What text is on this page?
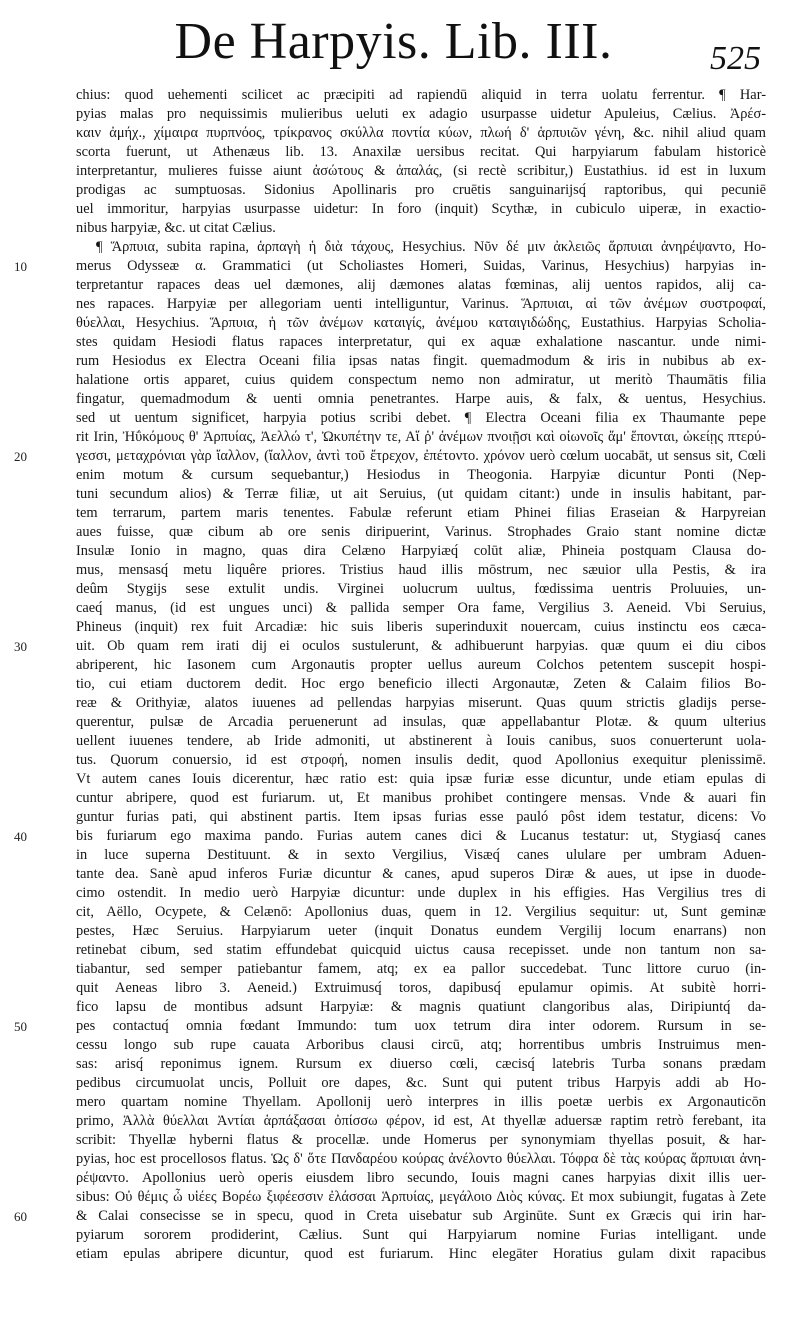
De Harpyis. Lib. III.	525
chius: quod uehementi scilicet ac præcipiti ad rapiendū aliquid in terra uolatu ferrentur. ¶ Har-
pyias malas pro nequissimis mulieribus ueluti ex adagio usurpasse uidetur Apuleius, Cælius. Ἀρέσ-
καιν ἀμήχ., χίμαιρα πυρπνόος, τρίκρανος σκύλλα ποντία κύων, πλωή δ' ἁρπυιῶν γένη, &c. nihil aliud quam
scorta fuerunt, ut Athenæus lib. 13. Anaxilæ uersibus recitat. Qui harpyiarum fabulam historicè
interpretantur, mulieres fuisse aiunt ἀσώτους & ἀπαλάς, (si rectè scribitur,) Eustathius. id est in luxum
prodigas ac sumptuosas. Sidonius Apollinaris pro cruētis sanguinarijsq́ raptoribus, qui pecuniē
uel immoritur, harpyias usurpasse uidetur: In foro (inquit) Scythæ, in cubiculo uiperæ, in exactio-
nibus harpyiæ, &c. ut citat Cælius.
¶ Ἅρπυια, subita rapina, ἁρπαγὴ ἡ διὰ τάχους, Hesychius. Νῦν δέ μιν ἀκλειῶς ἅρπυιαι ἀνηρέψαντο, Ho-
merus Odysseæ α. Grammatici (ut Scholiastes Homeri, Suidas, Varinus, Hesychius) harpyias in-
terpretantur rapaces deas uel dæmones, alij dæmones alatas fœminas, alij uentos rapidos, alij ca-
nes rapaces. Harpyiæ per allegoriam uenti intelliguntur, Varinus. Ἅρπυιαι, αἱ τῶν ἀνέμων συστροφαί,
θύελλαι, Hesychius. Ἅρπυια, ἡ τῶν ἀνέμων καταιγίς, ἀνέμου καταιγιδώδης, Eustathius. Harpyias Scholia-
stes quidam Hesiodi flatus rapaces interpretatur, qui ex aquæ exhalatione nascantur. unde nimi-
rum Hesiodus ex Electra Oceani filia ipsas natas fingit. quemadmodum & iris in nubibus ab ex-
halatione ortis apparet, cuius quidem conspectum nemo non admiratur, ut meritò Thaumātis filia
fingatur, quemadmodum & uenti omnia penetrantes. Harpe auis, & falx, & uentus, Hesychius.
sed ut uentum significet, harpyia potius scribi debet. ¶ Electra Oceani filia ex Thaumante pepe
rit Irin, Ἠΰκόμους θ' Ἁρπυίας, Ἀελλώ τ', Ὠκυπέτην τε, Αἵ ῥ' ἀνέμων πνοιῇσι καὶ οἰωνοῖς ἅμ' ἕπονται, ὠκείῃς πτερύ-
γεσσι, μεταχρόνιαι γὰρ ἴαλλον, (ἴαλλον, ἀντὶ τοῦ ἔτρεχον, ἐπέτοντο. χρόνον uerò cœlum uocabāt, ut sensus sit, Cœli
enim motum & cursum sequebantur,) Hesiodus in Theogonia. Harpyiæ dicuntur Ponti (Nep-
tuni secundum alios) & Terræ filiæ, ut ait Seruius, (ut quidam citant:) unde in insulis habitant, par-
tem terrarum, partem maris tenentes. Fabulæ referunt etiam Phinei filias Eraseian & Harpyreian
aues fuisse, quæ cibum ab ore senis diripuerint, Varinus. Strophades Graio stant nomine dictæ
Insulæ Ionio in magno, quas dira Celæno Harpyiæq́ colūt aliæ, Phineia postquam Clausa do-
mus, mensasq́ metu liquêre priores. Tristius haud illis mōstrum, nec sæuior ulla Pestis, & ira
deûm Stygijs sese extulit undis. Virginei uolucrum uultus, fœdissima uentris Proluuies, un-
caeq́ manus, (id est ungues unci) & pallida semper Ora fame, Vergilius 3. Aeneid. Vbi Seruius,
Phineus (inquit) rex fuit Arcadiæ: hic suis liberis superinduxit nouercam, cuius instinctu eos cæca-
uit. Ob quam rem irati dij ei oculos sustulerunt, & adhibuerunt harpyias. quæ quum ei diu cibos
abriperent, hic Iasonem cum Argonautis propter uellus aureum Colchos petentem suscepit hospi-
tio, cui etiam ductorem dedit. Hoc ergo beneficio illecti Argonautæ, Zeten & Calaim filios Bo-
reæ & Orithyiæ, alatos iuuenes ad pellendas harpyias miserunt. Quas quum strictis gladijs perse-
querentur, pulsæ de Arcadia peruenerunt ad insulas, quæ appellabantur Plotæ. & quum ulterius
uellent iuuenes tendere, ab Iride admoniti, ut abstinerent à Iouis canibus, suos conuerterunt uola-
tus. Quorum conuersio, id est στροφή, nomen insulis dedit, quod Apollonius exequitur plenissimē.
Vt autem canes Iouis dicerentur, hæc ratio est: quia ipsæ furiæ esse dicuntur, unde etiam epulas di
cuntur abripere, quod est furiarum. ut, Et manibus prohibet contingere mensas. Vnde & auari fin
guntur furias pati, qui abstinent partis. Item ipsas furias esse pauló pôst idem testatur, dicens: Vo
bis furiarum ego maxima pando. Furias autem canes dici & Lucanus testatur: ut, Stygiasq́ canes
in luce superna Destituunt. & in sexto Vergilius, Visæq́ canes ululare per umbram Aduen-
tante dea. Sanè apud inferos Furiæ dicuntur & canes, apud superos Diræ & aues, ut ipse in duode-
cimo ostendit. In medio uerò Harpyiæ dicuntur: unde duplex in his effigies. Has Vergilius tres di
cit, Aëllo, Ocypete, & Celænō: Apollonius duas, quem in 12. Vergilius sequitur: ut, Sunt geminæ
pestes, Hæc Seruius. Harpyiarum ueter (inquit Donatus eundem Vergilij locum enarrans) non
retinebat cibum, sed statim effundebat quicquid uictus causa recepisset. unde non tantum non sa-
tiabantur, sed semper patiebantur famem, atq; ex ea pallor succedebat. Tunc littore curuo (in-
quit Aeneas libro 3. Aeneid.) Extruimusq́ toros, dapibusq́ epulamur opimis. At subitè horri-
fico lapsu de montibus adsunt Harpyiæ: & magnis quatiunt clangoribus alas, Diripiuntq́ da-
pes contactuq́ omnia fœdant Immundo: tum uox tetrum dira inter odorem. Rursum in se-
cessu longo sub rupe cauata Arboribus clausi circū, atq; horrentibus umbris Instruimus men-
sas: arisq́ reponimus ignem. Rursum ex diuerso cœli, cæcisq́ latebris Turba sonans prædam
pedibus circumuolat uncis, Polluit ore dapes, &c. Sunt qui putent tribus Harpyis addi ab Ho-
mero quartam nomine Thyellam. Apollonij uerò interpres in illis poetæ uerbis ex Argonauticōn
primo, Ἀλλὰ θύελλαι Ἀντίαι ἁρπάξασαι ὀπίσσω φέρον, id est, At thyellæ aduersæ raptim retrò ferebant, ita
scribit: Thyellæ hyberni flatus & procellæ. unde Homerus per synonymiam thyellas posuit, & har-
pyias, hoc est procellosos flatus. Ὡς δ' ὅτε Πανδαρέου κούρας ἀνέλοντο θύελλαι. Τόφρα δὲ τὰς κούρας ἅρπυιαι ἀνη-
ρέψαντο. Apollonius uerò operis eiusdem libro secundo, Iouis magni canes harpyias dixit illis uer-
sibus: Οὐ θέμις ὦ υἱέες Βορέω ξιφέεσσιν ἐλάσσαι Ἁρπυίας, μεγάλοιο Διὸς κύνας. Et mox subiungit, fugatas à Zete
& Calai consecisse se in specu, quod in Creta uisebatur sub Arginūte. Sunt ex Græcis qui irin har-
pyiarum sororem prodiderint, Cælius. Sunt qui Harpyiarum nomine Furias intelligant. unde
etiam epulas abripere dicuntur, quod est furiarum. Hinc elegāter Horatius gulam dixit rapacibus
10
20
30
40
50
60
